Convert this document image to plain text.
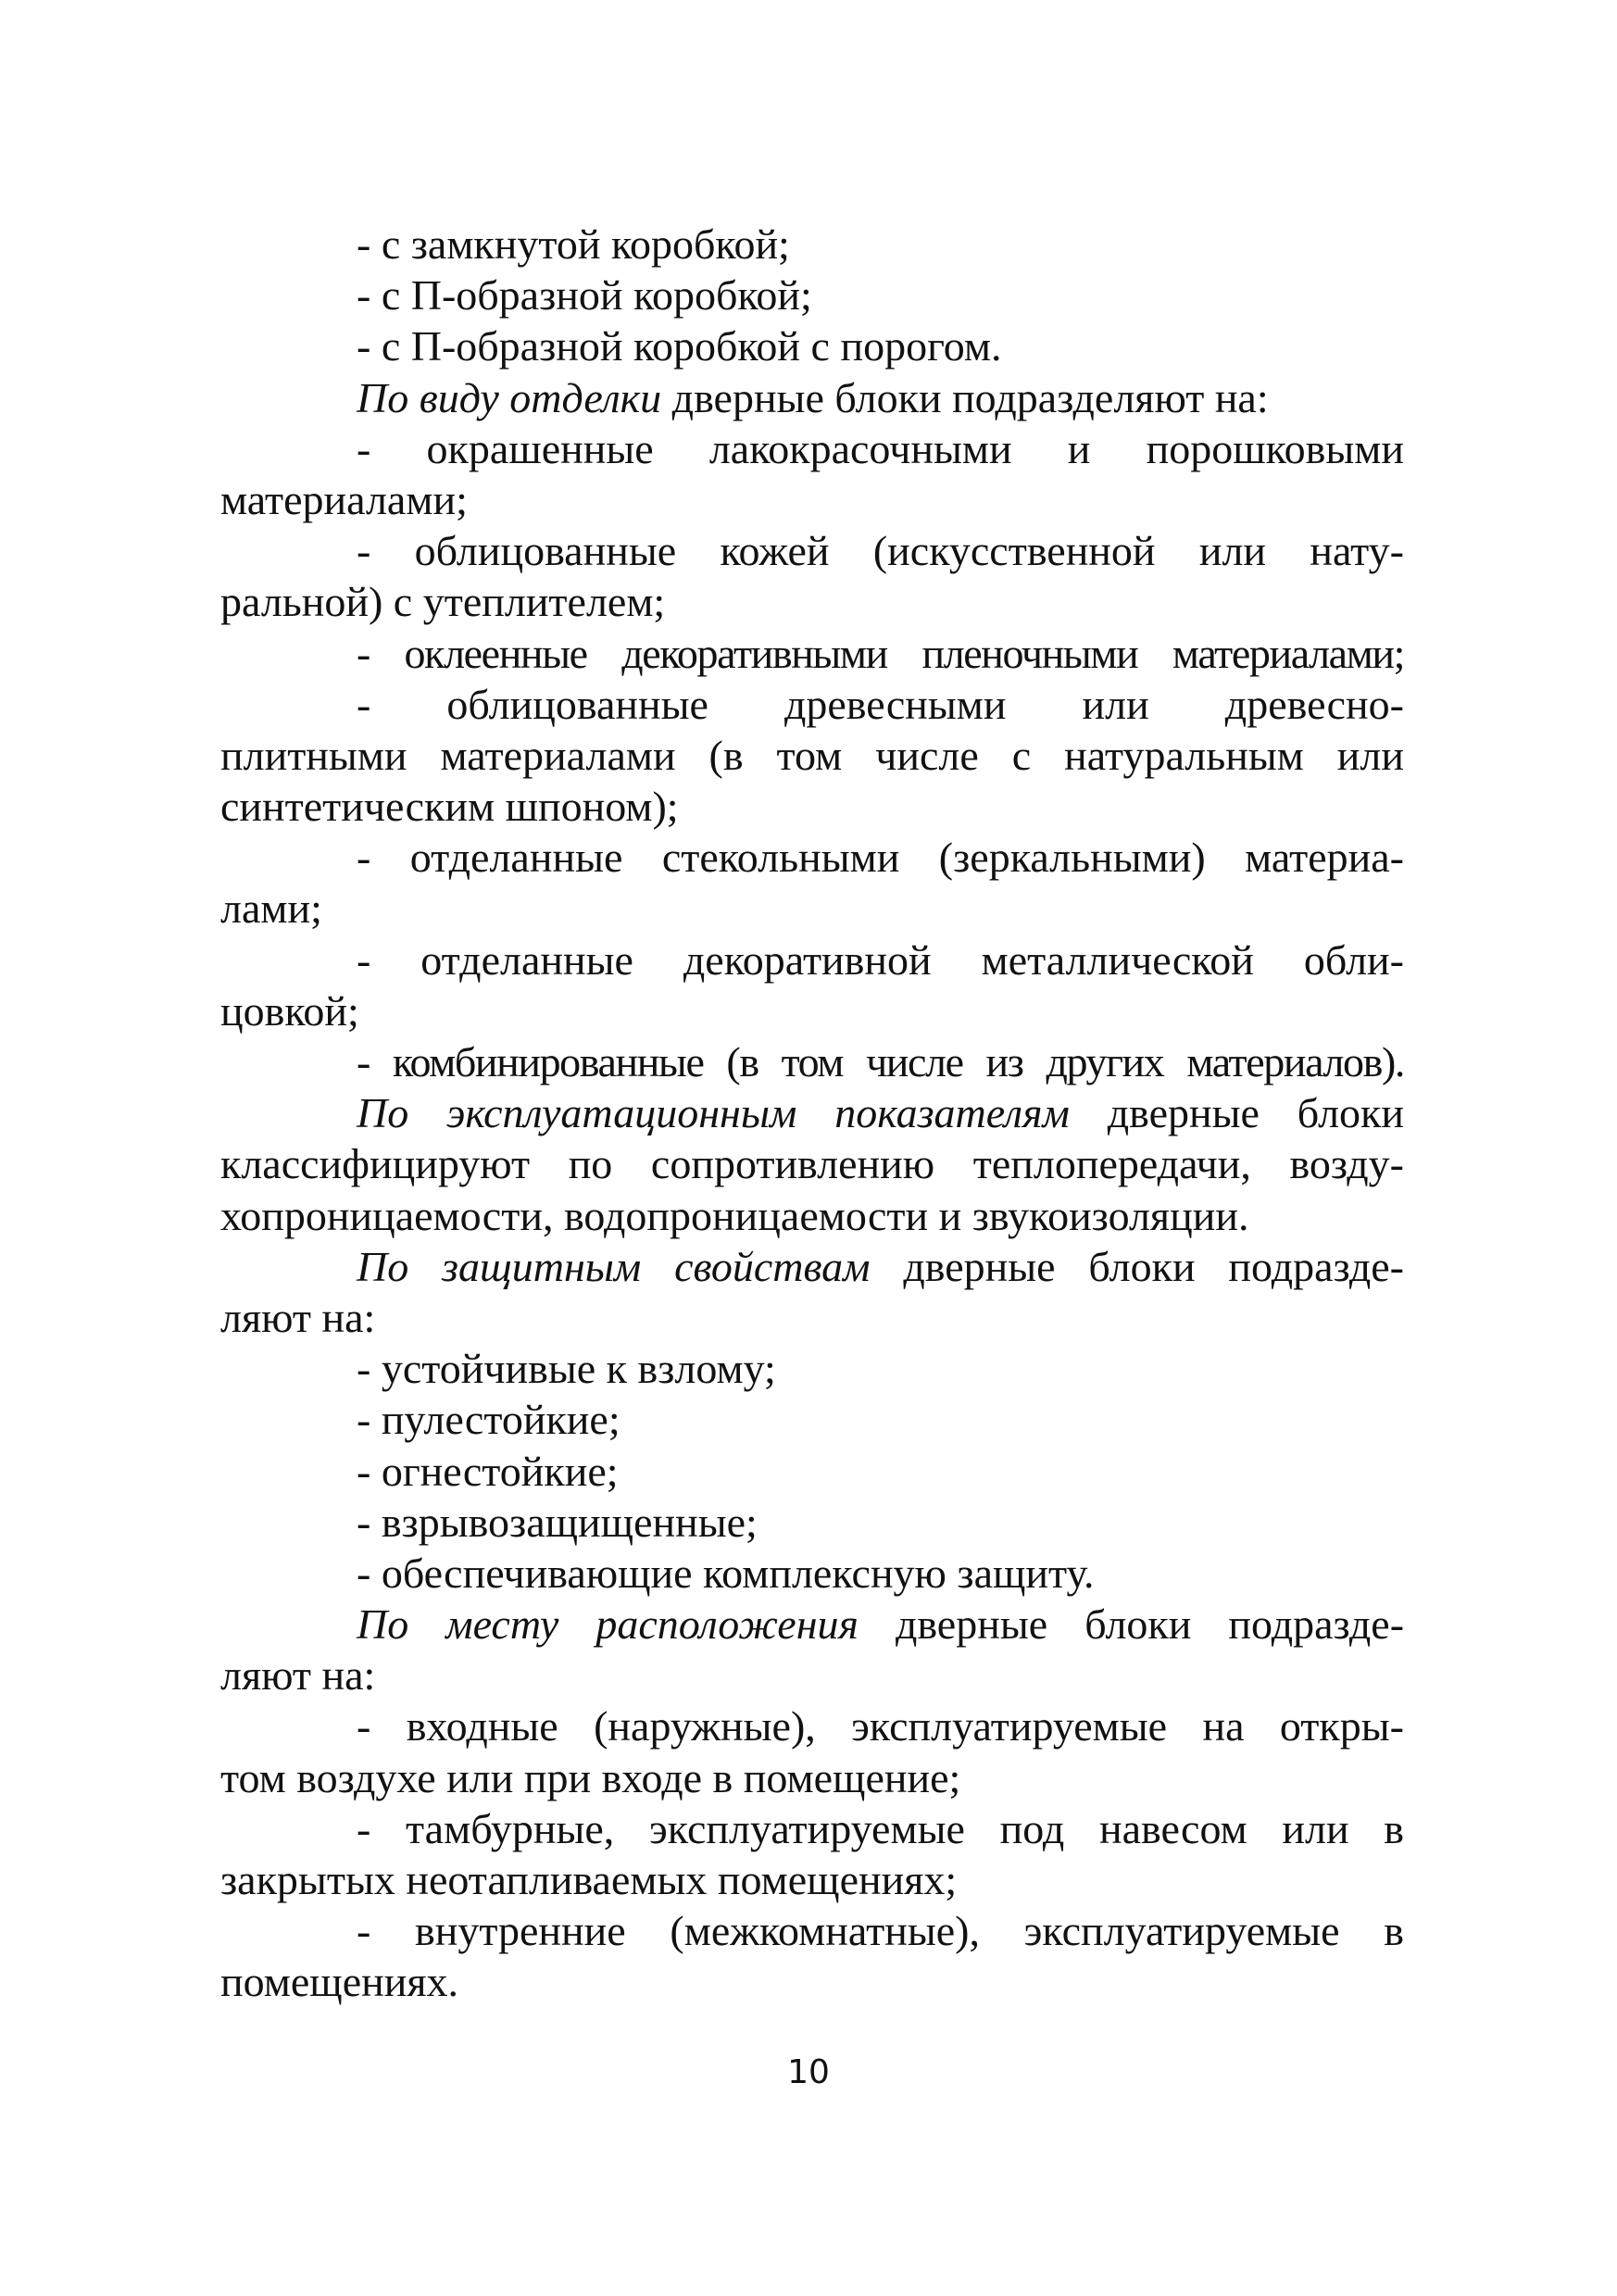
- с замкнутой коробкой;
- с П-образной коробкой;
- с П-образной коробкой с порогом.
По виду отделки дверные блоки подразделяют на:
- окрашенные лакокрасочными и порошковыми
материалами;
- облицованные кожей (искусственной или нату-
ральной) с утеплителем;
- оклеенные декоративными пленочными материалами;
- облицованные древесными или древесно-
плитными материалами (в том числе с натуральным или
синтетическим шпоном);
- отделанные стекольными (зеркальными) материа-
лами;
- отделанные декоративной металлической обли-
цовкой;
- комбинированные (в том числе из других материалов).
По эксплуатационным показателям дверные блоки
классифицируют по сопротивлению теплопередачи, возду-
хопроницаемости, водопроницаемости и звукоизоляции.
По защитным свойствам дверные блоки подразде-
ляют на:
- устойчивые к взлому;
- пулестойкие;
- огнестойкие;
- взрывозащищенные;
- обеспечивающие комплексную защиту.
По месту расположения дверные блоки подразде-
ляют на:
- входные (наружные), эксплуатируемые на откры-
том воздухе или при входе в помещение;
- тамбурные, эксплуатируемые под навесом или в
закрытых неотапливаемых помещениях;
- внутренние (межкомнатные), эксплуатируемые в
помещениях.
10
